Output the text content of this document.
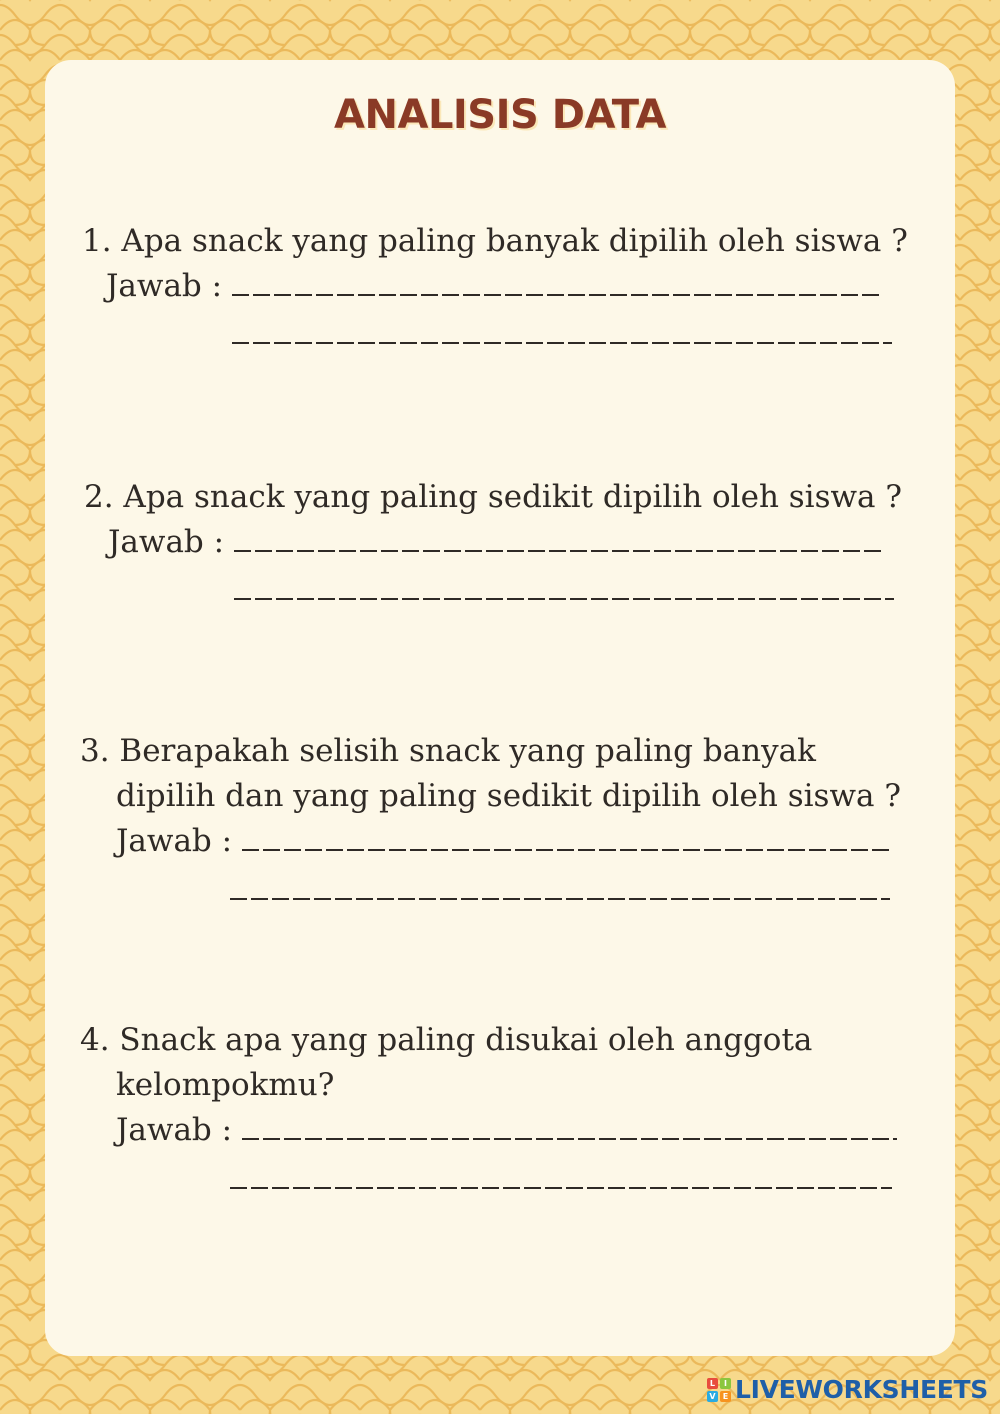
ANALISIS DATA

1. Apa snack yang paling banyak dipilih oleh siswa ?

Jawab :

2. Apa snack yang paling sedikit dipilih oleh siswa ?

Jawab :

3. Berapakah selisih snack yang paling banyak

dipilih dan yang paling sedikit dipilih oleh siswa ?

Jawab :

4. Snack apa yang paling disukai oleh anggota

kelompokmu?

Jawab :

L	I
V E LIVEWORKSHEETS
